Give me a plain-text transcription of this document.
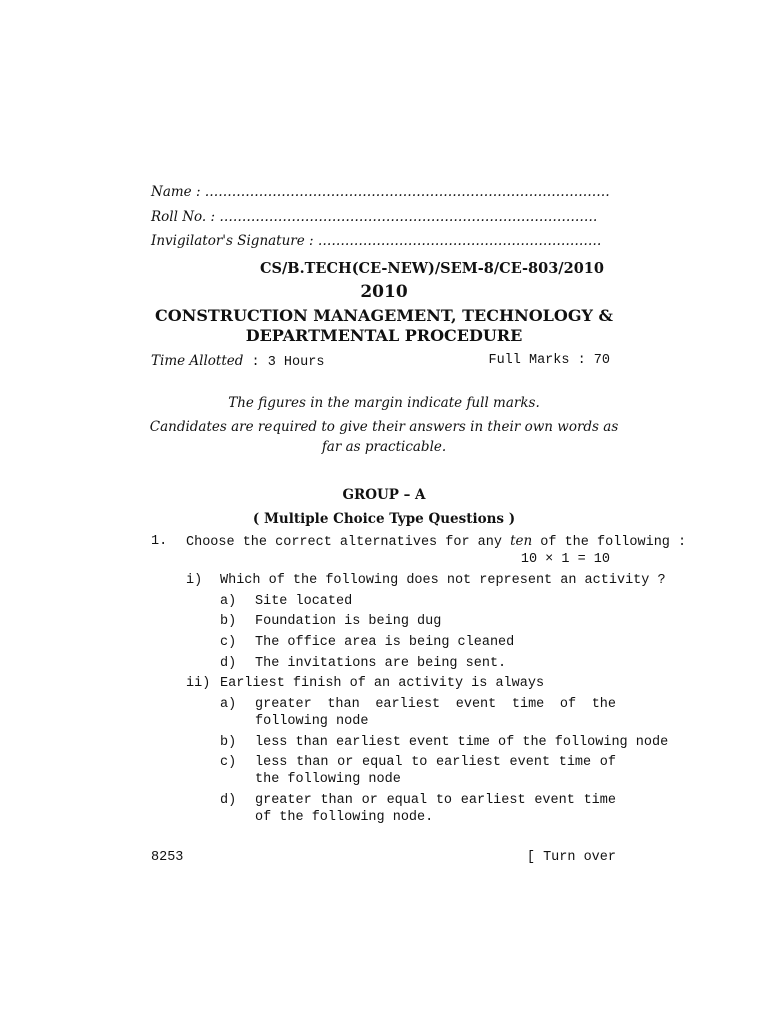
Name : ………………………………………………………………………………
Roll No. : …………………………………………………………………………
Invigilator's Signature : ………………………………………………………
CS/B.TECH(CE-NEW)/SEM-8/CE-803/2010
2010
CONSTRUCTION MANAGEMENT, TECHNOLOGY &
DEPARTMENTAL PROCEDURE
Time Allotted : 3 Hours	Full Marks : 70
The figures in the margin indicate full marks.
Candidates are required to give their answers in their own words as
far as practicable.
GROUP – A
( Multiple Choice Type Questions )
1. Choose the correct alternatives for any ten of the following :
10 × 1 = 10
i) Which of the following does not represent an activity ?
a) Site located
b) Foundation is being dug
c) The office area is being cleaned
d) The invitations are being sent.
ii) Earliest finish of an activity is always
a) greater than earliest event time of the following node
b) less than earliest event time of the following node
c) less than or equal to earliest event time of the following node
d) greater than or equal to earliest event time of the following node.
8253	[ Turn over
